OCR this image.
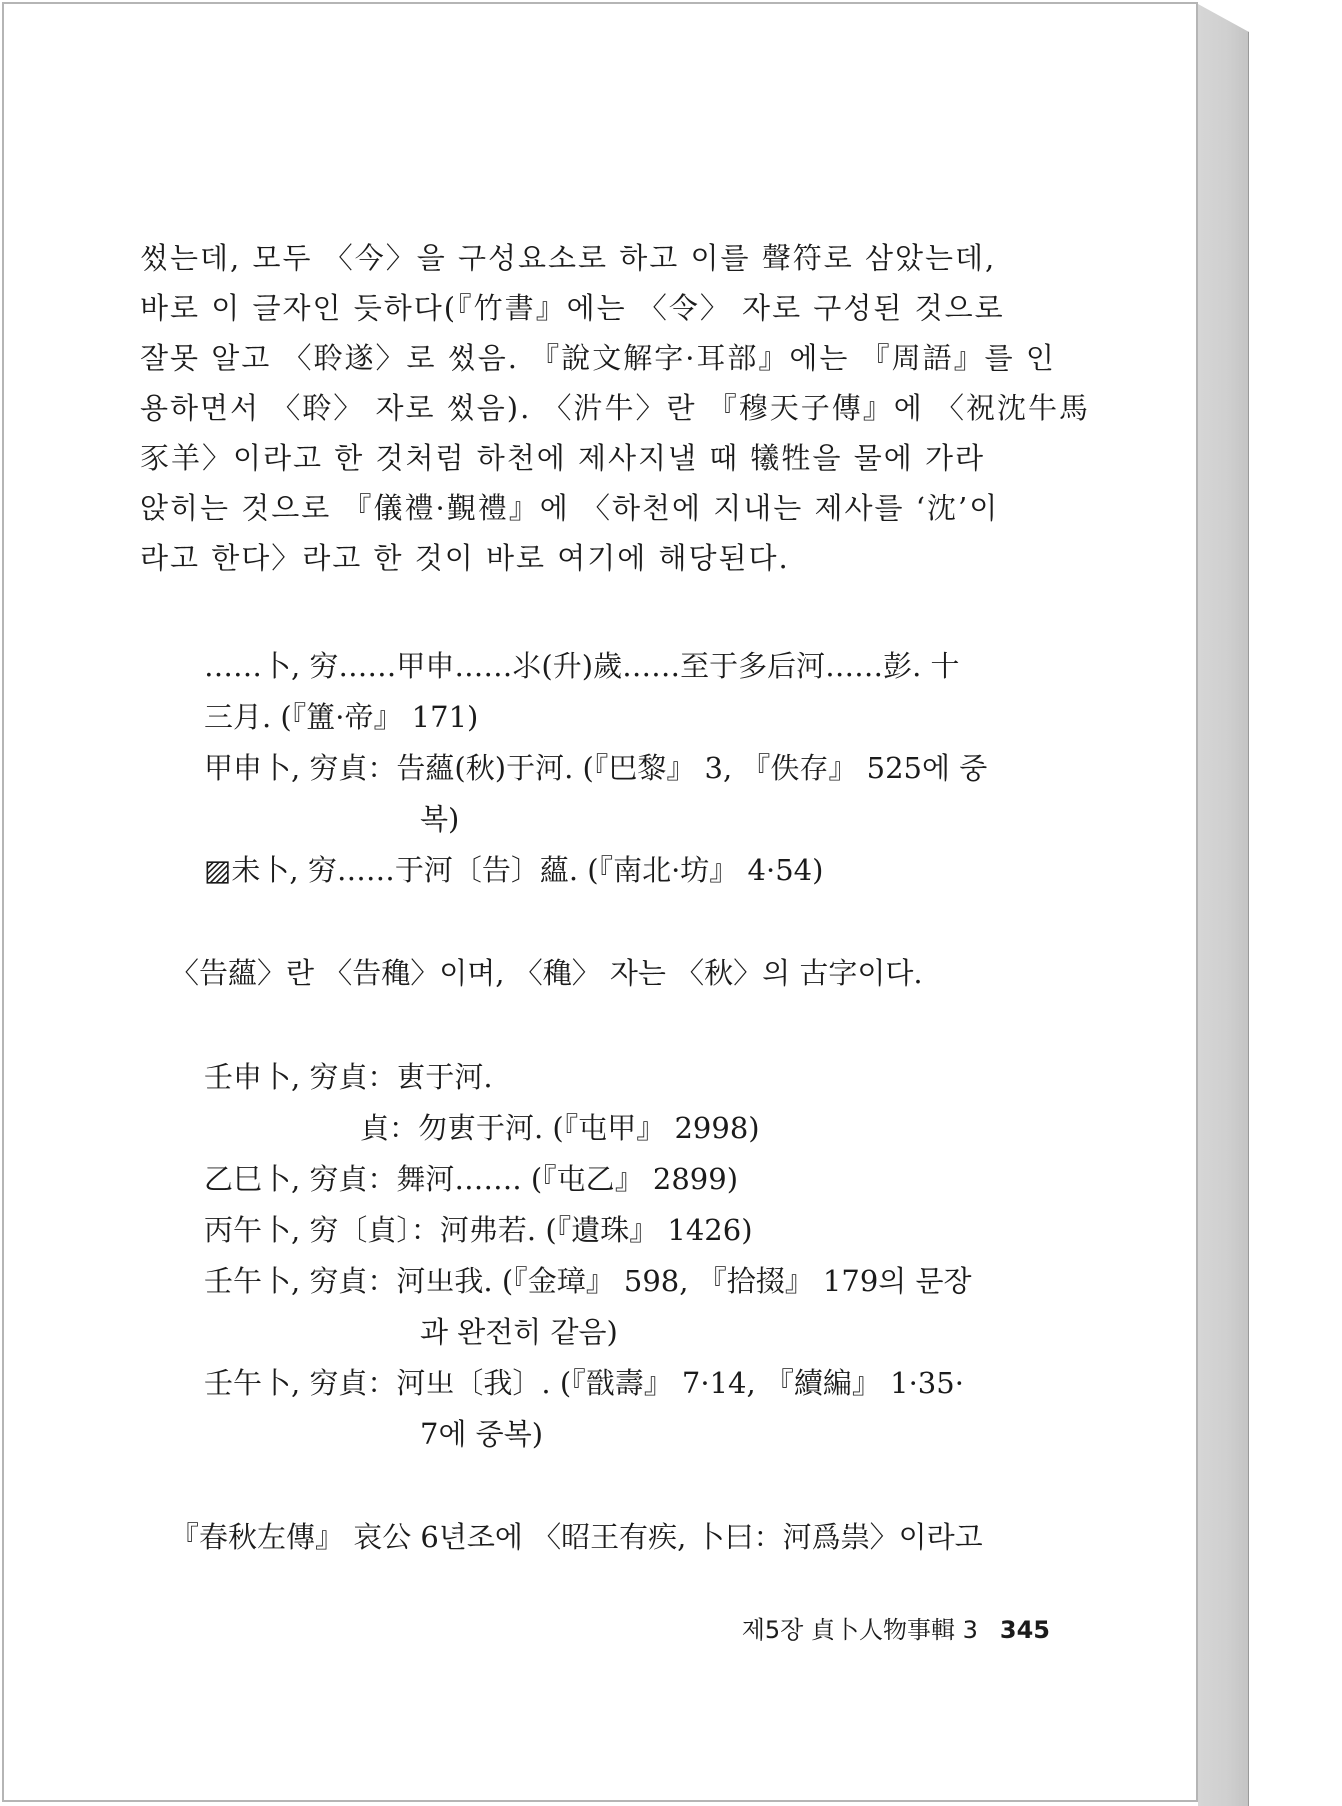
썼는데, 모두 〈今〉을 구성요소로 하고 이를 聲符로 삼았는데,
바로 이 글자인 듯하다(『竹書』에는 〈令〉 자로 구성된 것으로
잘못 알고 〈聆遂〉로 썼음. 『說文解字·耳部』에는 『周語』를 인
용하면서 〈聆〉 자로 썼음). 〈沜牛〉란 『穆天子傳』에 〈祝沈牛馬
豕羊〉이라고 한 것처럼 하천에 제사지낼 때 犧牲을 물에 가라
앉히는 것으로 『儀禮·覲禮』에 〈하천에 지내는 제사를 ‘沈’이
라고 한다〉라고 한 것이 바로 여기에 해당된다.
……卜, 穷……甲申……⺢(升)歲……至于多后河……彭. 十
三月. (『簠·帝』 171)
甲申卜, 穷貞：告蘊(秋)于河. (『巴黎』 3, 『佚存』 525에 중
복)
▨未卜, 穷……于河〔告〕蘊. (『南北·坊』 4·54)
〈告蘊〉란 〈告穐〉이며, 〈穐〉 자는 〈秋〉의 古字이다.
壬申卜, 穷貞：叀于河.
貞：勿叀于河. (『屯甲』 2998)
乙巳卜, 穷貞：舞河……. (『屯乙』 2899)
丙午卜, 穷〔貞〕：河弗若. (『遺珠』 1426)
壬午卜, 穷貞：河㞢我. (『金璋』 598, 『拾掇』 179의 문장
과 완전히 같음)
壬午卜, 穷貞：河㞢〔我〕. (『戩壽』 7·14, 『續編』 1·35·
7에 중복)
『春秋左傳』 哀公 6년조에 〈昭王有疾, 卜曰：河爲祟〉이라고
제5장 貞卜人物事輯 3 345
